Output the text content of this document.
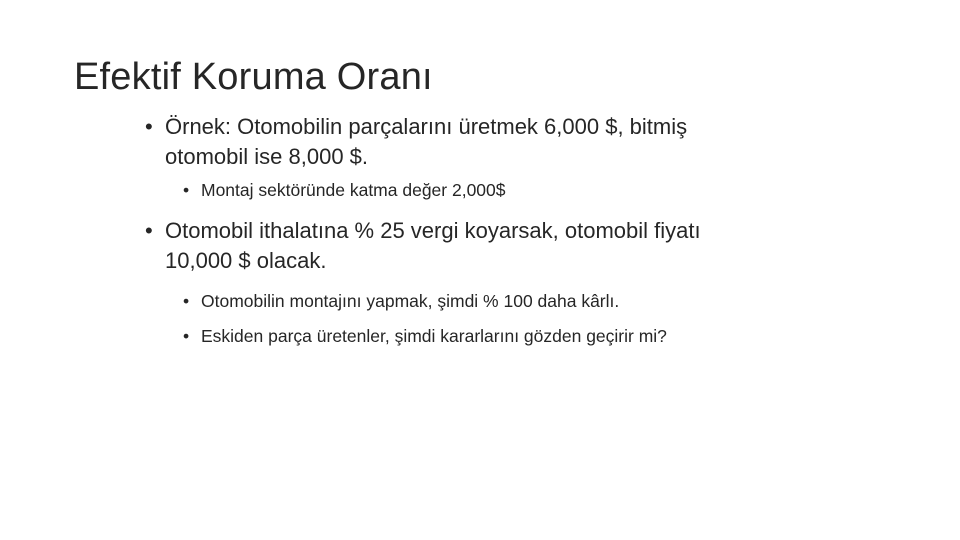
Efektif Koruma Oranı
• Örnek: Otomobilin parçalarını üretmek 6,000 $, bitmiş
otomobil ise 8,000 $.
• Montaj sektöründe katma değer 2,000$
• Otomobil ithalatına % 25 vergi koyarsak, otomobil fiyatı
10,000 $ olacak.
• Otomobilin montajını yapmak, şimdi % 100 daha kârlı.
• Eskiden parça üretenler, şimdi kararlarını gözden geçirir mi?
